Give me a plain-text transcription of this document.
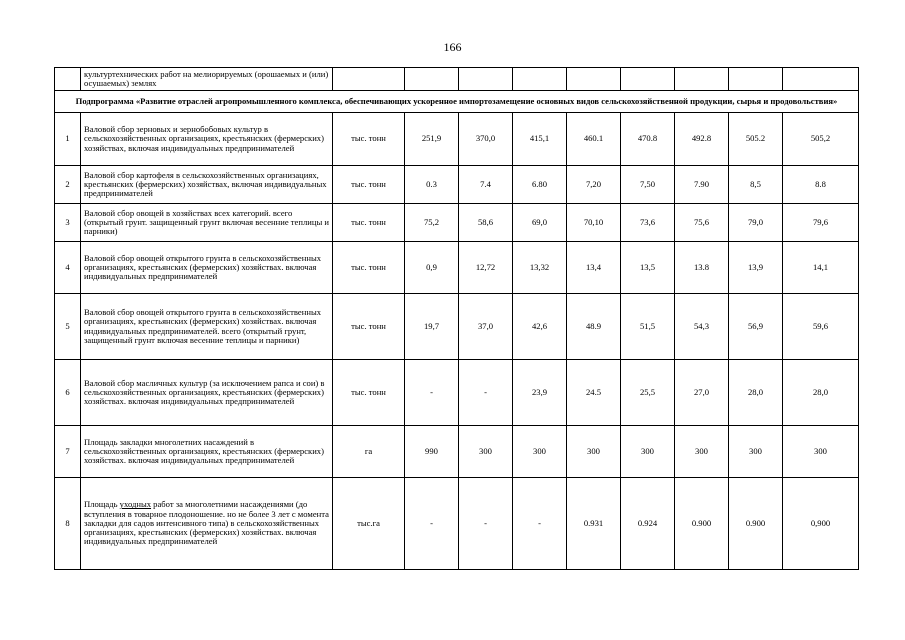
166
	культуртехнических работ на мелиорируемых (орошаемых и (или) осушаемых) землях									
Подпрограмма «Развитие отраслей агропромышленного комплекса, обеспечивающих ускоренное импортозамещение основных видов сельскохозяйственной продукции, сырья и продовольствия»										
1	Валовой сбор зерновых и зернобобовых культур в сельскохозяйственных организациях, крестьянских (фермерских) хозяйствах, включая индивидуальных предпринимателей	тыс. тонн	251,9	370,0	415,1	460.1	470.8	492.8	505.2	505,2
2	Валовой сбор картофеля в сельскохозяйственных организациях, крестьянских (фермерских) хозяйствах, включая индивидуальных предпринимателей	тыс. тонн	0.3	7.4	6.80	7,20	7,50	7.90	8,5	8.8
3	Валовой сбор овощей в хозяйствах всех категорий. всего (открытый грунт. защищенный грунт включая весенние теплицы и парники)	тыс. тонн	75,2	58,6	69,0	70,10	73,6	75,6	79,0	79,6
4	Валовой сбор овощей открытого грунта в сельскохозяйственных организациях, крестьянских (фермерских) хозяйствах. включая индивидуальных предпринимателей	тыс. тонн	0,9	12,72	13,32	13,4	13,5	13.8	13,9	14,1
5	Валовой сбор овощей открытого грунта в сельскохозяйственных организациях, крестьянских (фермерских) хозяйствах. включая индивидуальных предпринимателей. всего (открытый грунт, защищенный грунт включая весенние теплицы и парники)	тыс. тонн	19,7	37,0	42,6	48.9	51,5	54,3	56,9	59,6
6	Валовой сбор масличных культур (за исключением рапса и сои) в сельскохозяйственных организациях, крестьянских (фермерских) хозяйствах. включая индивидуальных предпринимателей	тыс. тонн	-	-	23,9	24.5	25,5	27,0	28,0	28,0
7	Площадь закладки многолетних насаждений в сельскохозяйственных организациях, крестьянских (фермерских) хозяйствах. включая индивидуальных предпринимателей	га	990	300	300	300	300	300	300	300
8	Площадь уходных работ за многолетними насаждениями (до вступления в товарное плодоношение. но не более 3 лет с момента закладки для садов интенсивного типа) в сельскохозяйственных организациях, крестьянских (фермерских) хозяйствах. включая индивидуальных предпринимателей	тыс.га	-	-	-	0.931	0.924	0.900	0.900	0,900
